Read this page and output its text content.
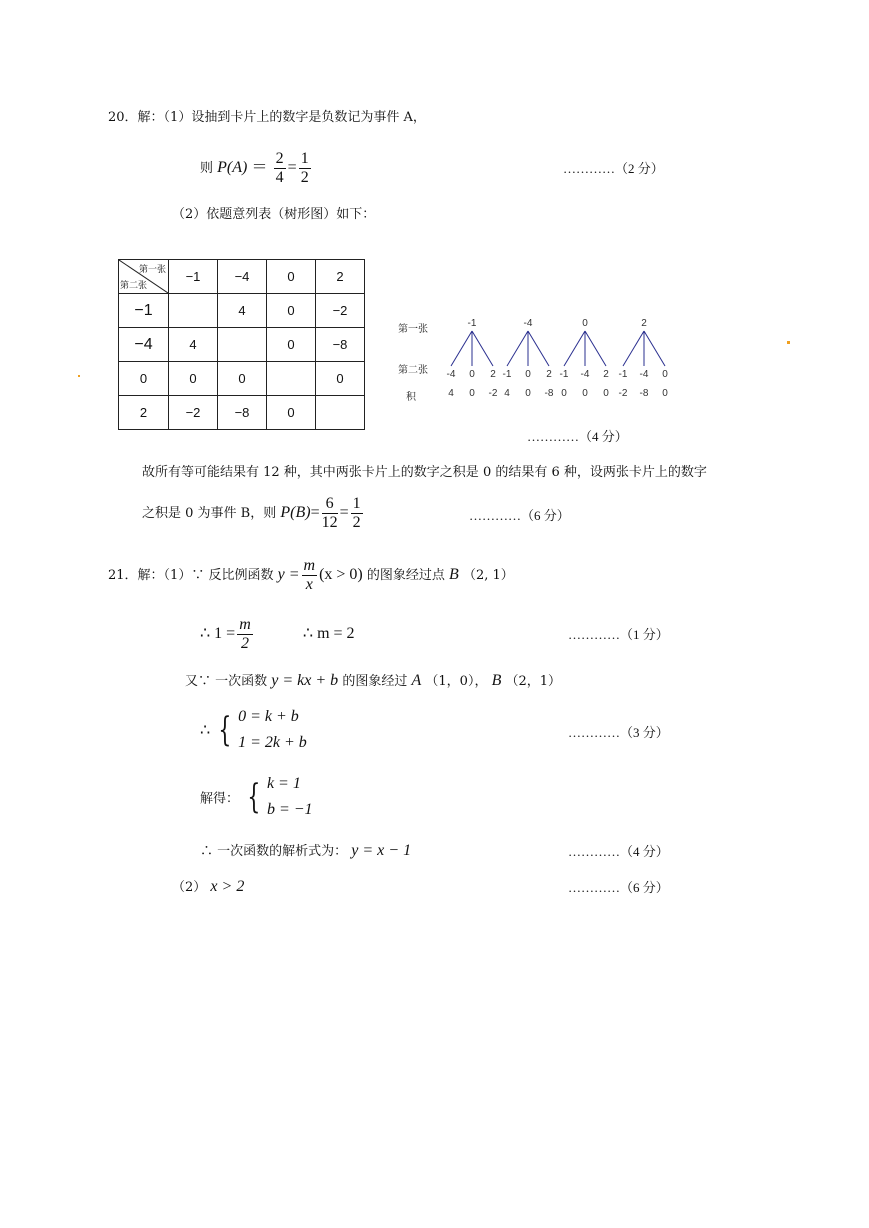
20．解：（1）设抽到卡片上的数字是负数记为事件 A，
则 $P(A) = \frac{2}{4} = \frac{1}{2}$	…………（2 分）
（2）依题意列表（树形图）如下：
第一张
第二张	−1	−4	0	2
−1		4	0	−2
−4	4		0	−8
0	0	0		0
2	−2	−8	0	
第一张
第二张
积
-1
-4
4
0
0
2
-2
-4
-1
4
0
0
2
-8
0
-1
0
-4
0
2
0
2
-1
-2
-4
-8
0
0
…………（4 分）
故所有等可能结果有 12 种，其中两张卡片上的数字之积是 0 的结果有 6 种，设两张卡片上的数字
之积是 0 为事件 B，则 $P(B)= \frac{6}{12} = \frac{1}{2}$	…………（6 分）
21．解：（1）∵ 反比例函数 $y = \frac{m}{x} (x > 0)$ 的图象经过点 B （2, 1）
∴ $1 = \frac{m}{2}$	∴ m = 2	…………（1 分）
又∵ 一次函数 y = kx + b 的图象经过 A （1，0）， B （2，1）
∴ { 0 = k + b
1 = 2k + b
…………（3 分）
解得： { k = 1
b = −1
∴ 一次函数的解析式为： y = x − 1	…………（4 分）
（2） x > 2	…………（6 分）
